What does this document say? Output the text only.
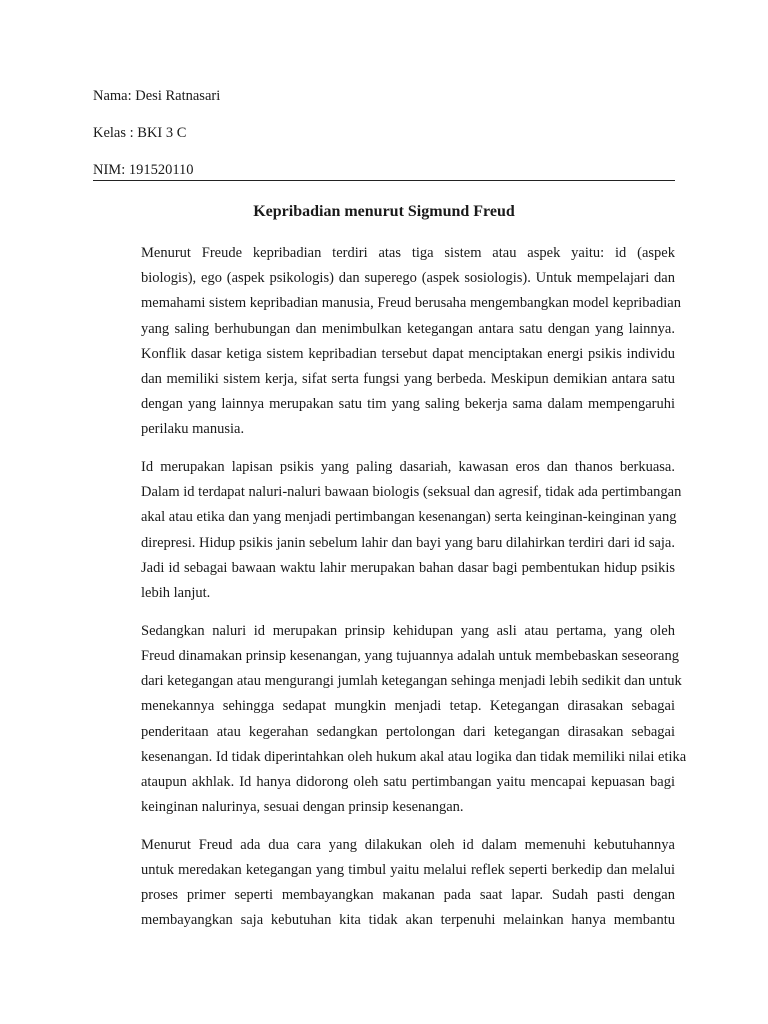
Nama: Desi Ratnasari
Kelas : BKI 3 C
NIM: 191520110
Kepribadian menurut Sigmund Freud
Menurut Freude kepribadian terdiri atas tiga sistem atau aspek yaitu: id (aspek
biologis), ego (aspek psikologis) dan superego (aspek sosiologis). Untuk mempelajari dan
memahami sistem kepribadian manusia, Freud berusaha mengembangkan model kepribadian
yang saling berhubungan dan menimbulkan ketegangan antara satu dengan yang lainnya.
Konflik dasar ketiga sistem kepribadian tersebut dapat menciptakan energi psikis individu
dan memiliki sistem kerja, sifat serta fungsi yang berbeda. Meskipun demikian antara satu
dengan yang lainnya merupakan satu tim yang saling bekerja sama dalam mempengaruhi
perilaku manusia.
Id merupakan lapisan psikis yang paling dasariah, kawasan eros dan thanos berkuasa.
Dalam id terdapat naluri-naluri bawaan biologis (seksual dan agresif, tidak ada pertimbangan
akal atau etika dan yang menjadi pertimbangan kesenangan) serta keinginan-keinginan yang
direpresi. Hidup psikis janin sebelum lahir dan bayi yang baru dilahirkan terdiri dari id saja.
Jadi id sebagai bawaan waktu lahir merupakan bahan dasar bagi pembentukan hidup psikis
lebih lanjut.
Sedangkan naluri id merupakan prinsip kehidupan yang asli atau pertama, yang oleh
Freud dinamakan prinsip kesenangan, yang tujuannya adalah untuk membebaskan seseorang
dari ketegangan atau mengurangi jumlah ketegangan sehinga menjadi lebih sedikit dan untuk
menekannya sehingga sedapat mungkin menjadi tetap. Ketegangan dirasakan sebagai
penderitaan atau kegerahan sedangkan pertolongan dari ketegangan dirasakan sebagai
kesenangan. Id tidak diperintahkan oleh hukum akal atau logika dan tidak memiliki nilai etika
ataupun akhlak. Id hanya didorong oleh satu pertimbangan yaitu mencapai kepuasan bagi
keinginan nalurinya, sesuai dengan prinsip kesenangan.
Menurut Freud ada dua cara yang dilakukan oleh id dalam memenuhi kebutuhannya
untuk meredakan ketegangan yang timbul yaitu melalui reflek seperti berkedip dan melalui
proses primer seperti membayangkan makanan pada saat lapar. Sudah pasti dengan
membayangkan saja kebutuhan kita tidak akan terpenuhi melainkan hanya membantu
